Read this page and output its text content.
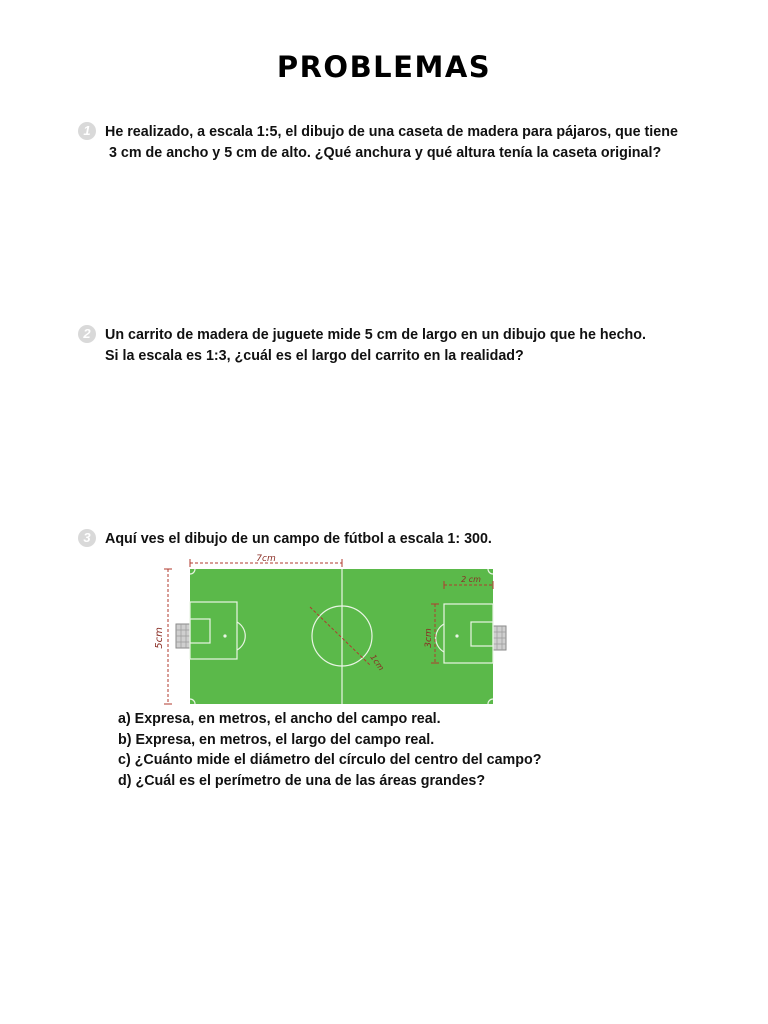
PROBLEMAS
1	He realizado, a escala 1:5, el dibujo de una caseta de madera para pájaros, que tiene
3 cm de ancho y 5 cm de alto. ¿Qué anchura y qué altura tenía la caseta original?
2	Un carrito de madera de juguete mide 5 cm de largo en un dibujo que he hecho.
Si la escala es 1:3, ¿cuál es el largo del carrito en la realidad?
3	Aquí ves el dibujo de un campo de fútbol a escala 1: 300.
7cm
5cm	3cm
2 cm
1cm
a) Expresa, en metros, el ancho del campo real.
b) Expresa, en metros, el largo del campo real.
c) ¿Cuánto mide el diámetro del círculo del centro del campo?
d) ¿Cuál es el perímetro de una de las áreas grandes?
